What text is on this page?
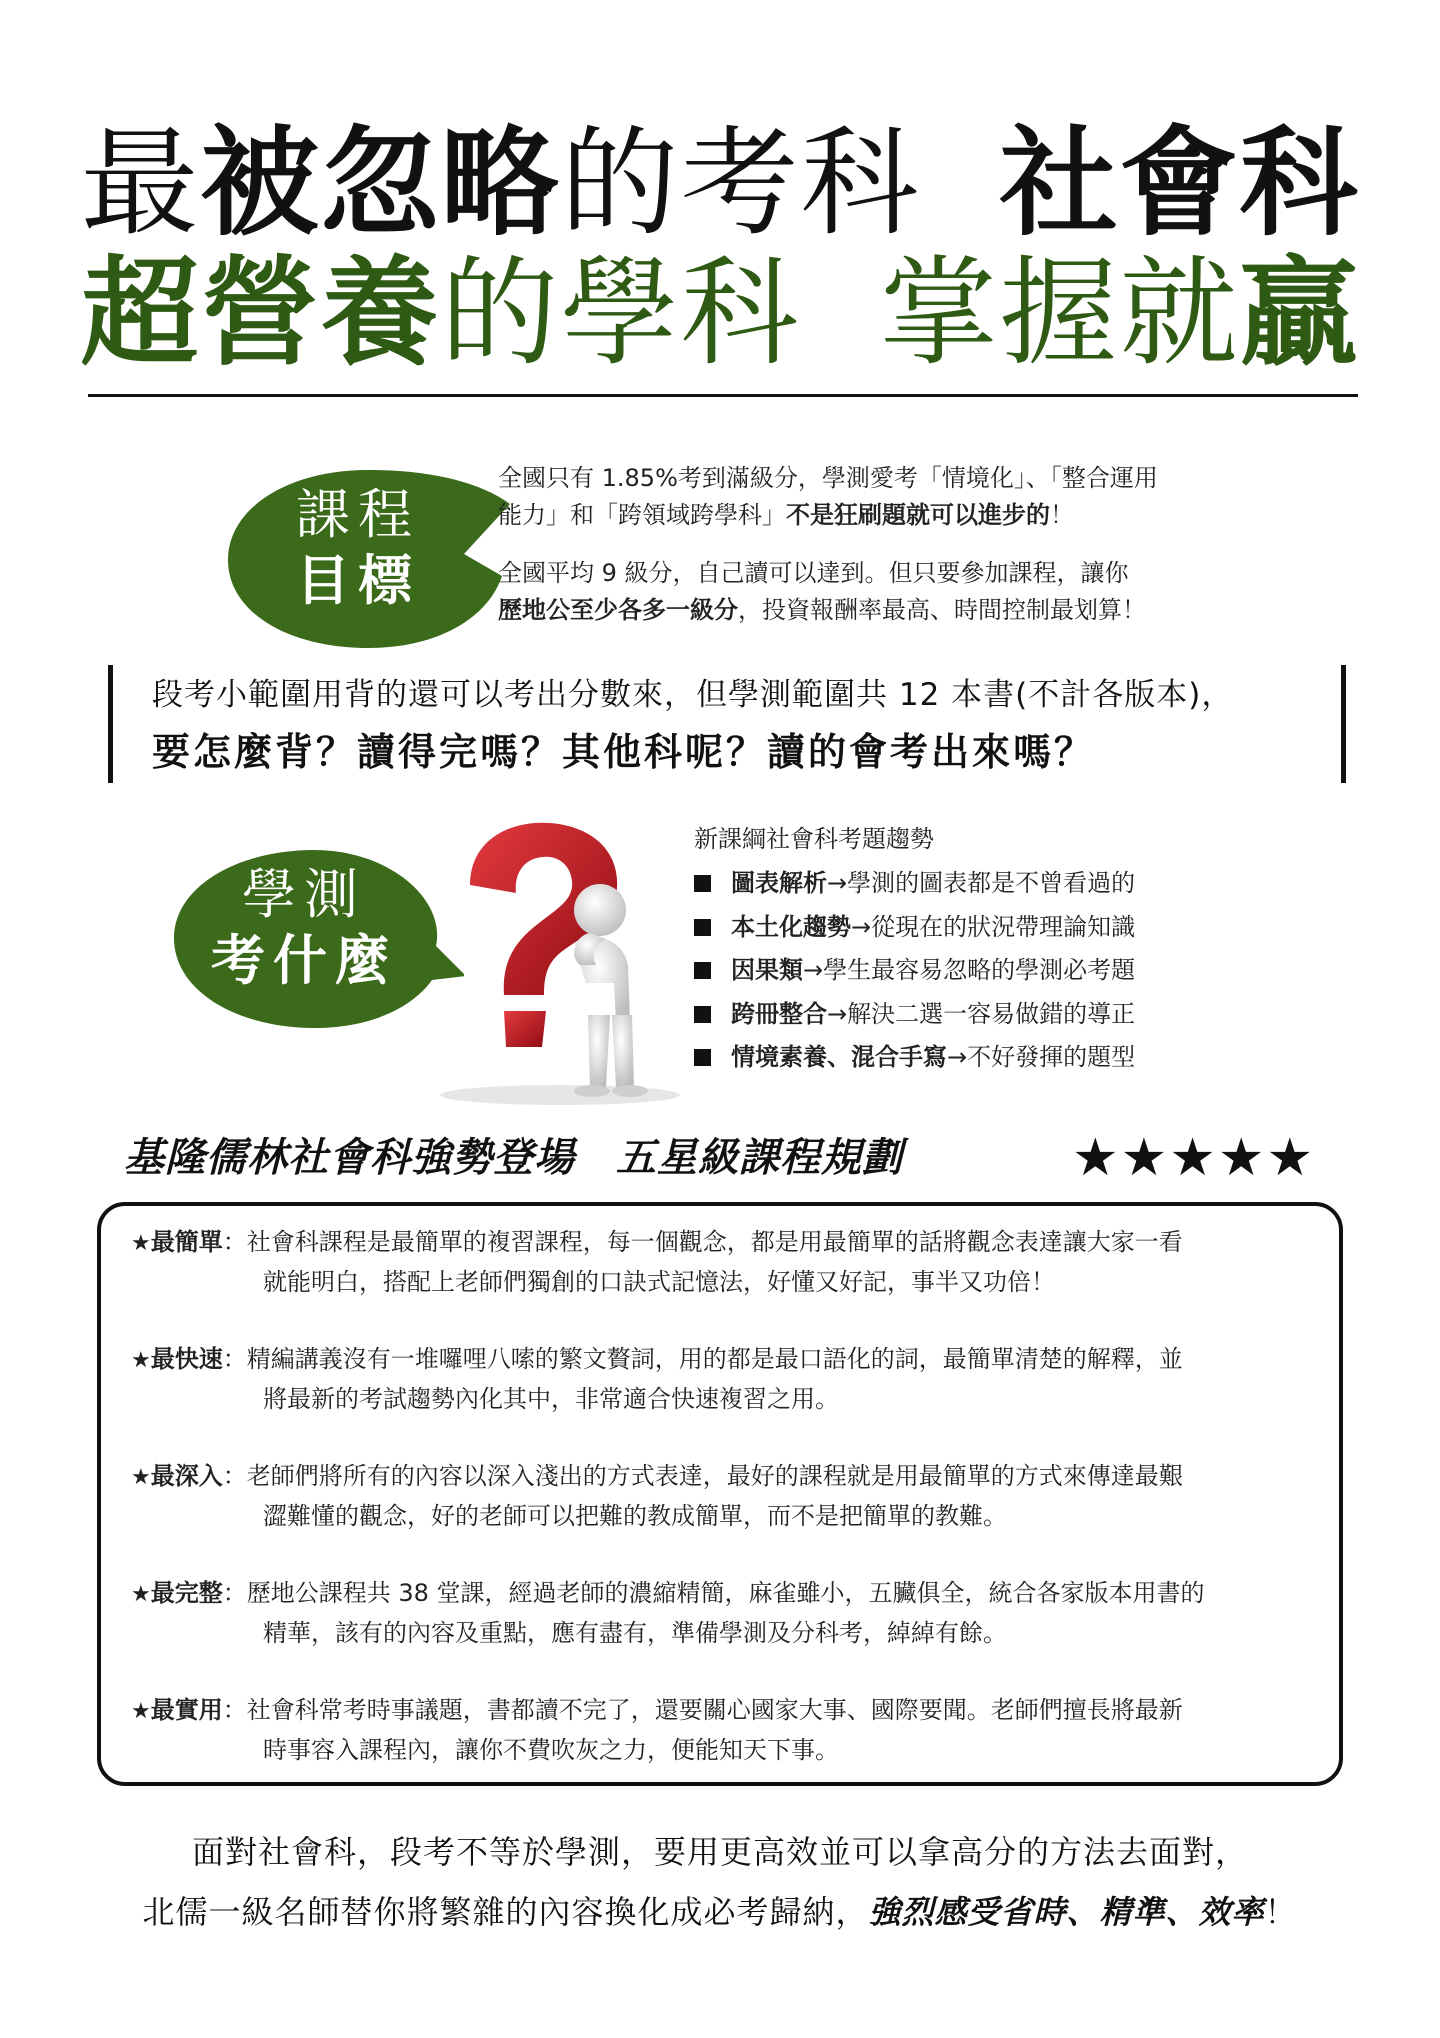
最被忽略的考科 社會科
超營養的學科 掌握就贏
課程
目標
全國只有 1.85%考到滿級分，學測愛考「情境化」、「整合運用
能力」和「跨領域跨學科」不是狂刷題就可以進步的！
全國平均 9 級分，自己讀可以達到。但只要參加課程，讓你
歷地公至少各多一級分，投資報酬率最高、時間控制最划算！
段考小範圍用背的還可以考出分數來，但學測範圍共 12 本書(不計各版本)，
要怎麼背？讀得完嗎？其他科呢？讀的會考出來嗎？
學測
考什麼
新課綱社會科考題趨勢
圖表解析→學測的圖表都是不曾看過的
本土化趨勢→從現在的狀況帶理論知識
因果類→學生最容易忽略的學測必考題
跨冊整合→解決二選一容易做錯的導正
情境素養、混合手寫→不好發揮的題型
基隆儒林社會科強勢登場　五星級課程規劃	★★★★★
★最簡單：社會科課程是最簡單的複習課程，每一個觀念，都是用最簡單的話將觀念表達讓大家一看
就能明白，搭配上老師們獨創的口訣式記憶法，好懂又好記，事半又功倍！
★最快速：精編講義沒有一堆囉哩八嗦的繁文贅詞，用的都是最口語化的詞，最簡單清楚的解釋，並
將最新的考試趨勢內化其中，非常適合快速複習之用。
★最深入：老師們將所有的內容以深入淺出的方式表達，最好的課程就是用最簡單的方式來傳達最艱
澀難懂的觀念，好的老師可以把難的教成簡單，而不是把簡單的教難。
★最完整：歷地公課程共 38 堂課，經過老師的濃縮精簡，麻雀雖小，五臟俱全，統合各家版本用書的
精華，該有的內容及重點，應有盡有，準備學測及分科考，綽綽有餘。
★最實用：社會科常考時事議題，書都讀不完了，還要關心國家大事、國際要聞。老師們擅長將最新
時事容入課程內，讓你不費吹灰之力，便能知天下事。
面對社會科，段考不等於學測，要用更高效並可以拿高分的方法去面對，
北儒一級名師替你將繁雜的內容換化成必考歸納，強烈感受省時、精準、效率！
